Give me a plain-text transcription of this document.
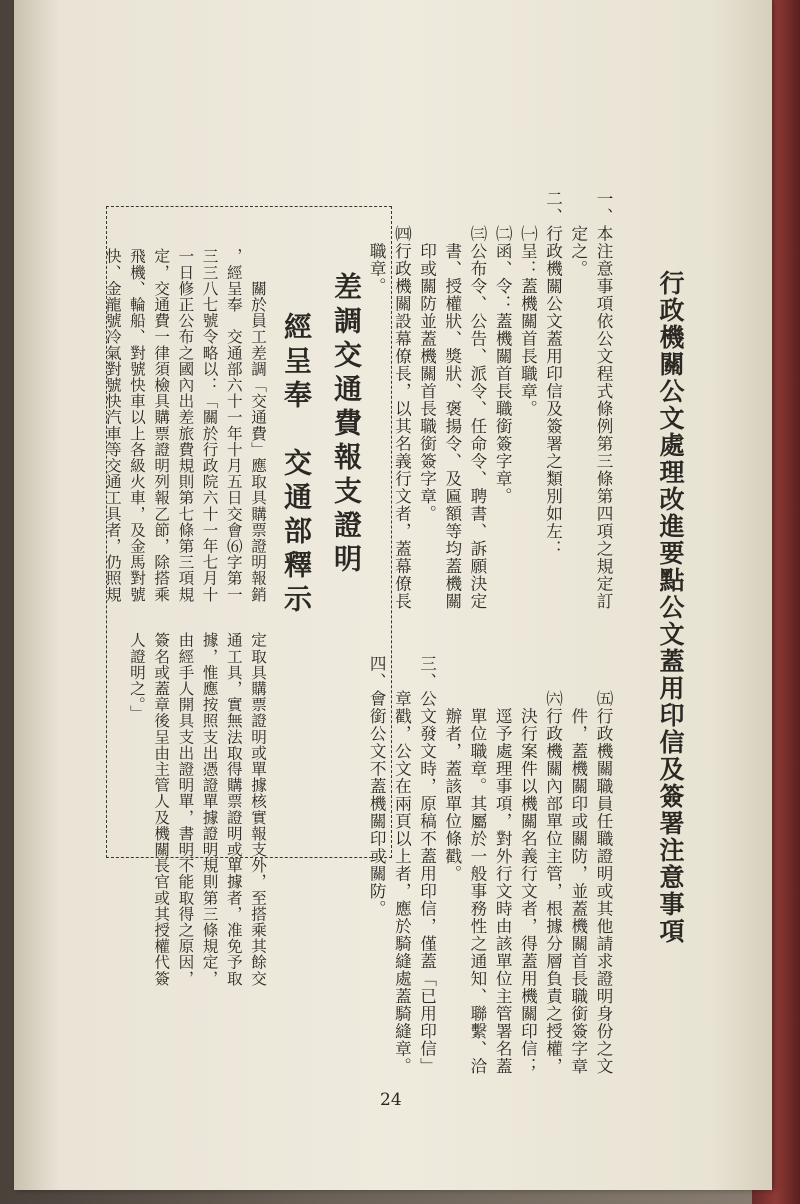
行政機關公文處理改進要點公文蓋用印信及簽署注意事項
一、本注意事項依公文程式條例第三條第四項之規定訂
　　定之。
二、行政機關公文蓋用印信及簽署之類別如左：
　　㈠呈：蓋機關首長職章。
　　㈡函、令：蓋機關首長職銜簽字章。
　　㈢公布令、公告、派令、任命令、聘書、訴願決定
　　　書、授權狀、獎狀、褒揚令、及匾額等均蓋機關
　　　印或關防並蓋機關首長職銜簽字章。
　　㈣行政機關設幕僚長，以其名義行文者，蓋幕僚長
　　　職章。
　　㈤行政機關職員任職證明或其他請求證明身份之文
　　　件，蓋機關印或關防，並蓋機關首長職銜簽字章
　　㈥行政機關內部單位主管，根據分層負責之授權，
　　　決行案件以機關名義行文者，得蓋用機關印信；
　　　逕予處理事項，對外行文時由該單位主管署名蓋
　　　單位職章。其屬於一般事務性之通知、聯繫、洽
　　　辦者，蓋該單位條戳。
三、公文發文時，原稿不蓋用印信，僅蓋「已用印信」
　　章戳，公文在兩頁以上者，應於騎縫處蓋騎縫章。
四、會銜公文不蓋機關印或關防。
差調交通費報支證明
經呈奉　交通部釋示
　　關於員工差調「交通費」應取具購票證明報銷
，經呈奉　交通部六十一年十月五日交會⑹字第一
三三八七號令略以：「關於行政院六十一年七月十
一日修正公布之國內出差旅費規則第七條第三項規
定，交通費一律須檢具購票證明列報乙節，除搭乘
飛機、輪船、對號快車以上各級火車，及金馬對號
快、金龍號冷氣對號快汽車等交通工具者，仍照規
定取具購票證明或單據核實報支外，至搭乘其餘交
通工具，實無法取得購票證明或單據者，准免予取
據，惟應按照支出憑證單據證明規則第三條規定，
由經手人開具支出證明單，書明不能取得之原因，
簽名或蓋章後呈由主管人及機關長官或其授權代簽
人證明之。」
24
